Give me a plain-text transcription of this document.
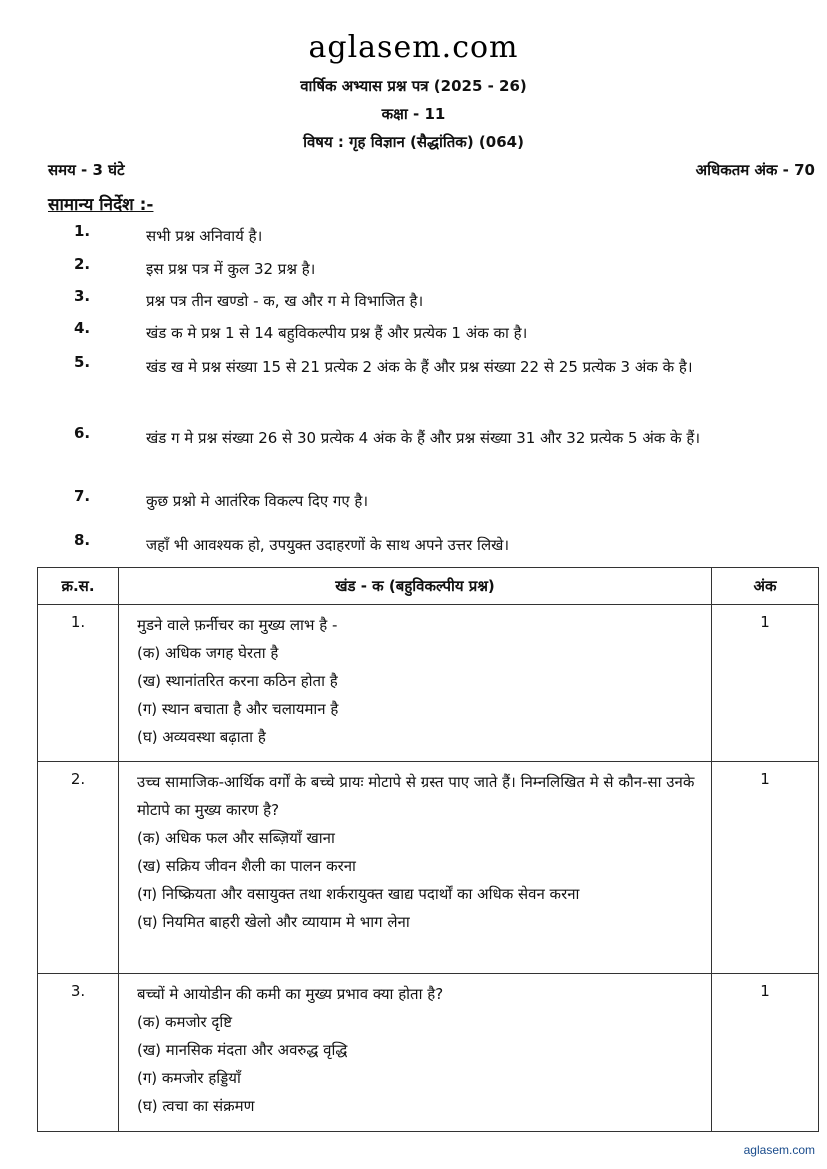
aglasem.com
वार्षिक अभ्यास प्रश्न पत्र (2025 - 26)
कक्षा - 11
विषय : गृह विज्ञान (सैद्धांतिक) (064)
समय - 3 घंटे	अधिकतम अंक - 70
सामान्य निर्देश :-
1.	सभी प्रश्न अनिवार्य है।
2.	इस प्रश्न पत्र में कुल 32 प्रश्न है।
3.	प्रश्न पत्र तीन खण्डो - क, ख और ग मे विभाजित है।
4.	खंड क मे प्रश्न 1 से 14 बहुविकल्पीय प्रश्न हैं और प्रत्येक 1 अंक का है।
5.	खंड ख मे प्रश्न संख्या 15 से 21 प्रत्येक 2 अंक के हैं और प्रश्न संख्या 22 से 25 प्रत्येक 3 अंक के है।
6.	खंड ग मे प्रश्न संख्या 26 से 30 प्रत्येक 4 अंक के हैं और प्रश्न संख्या 31 और 32 प्रत्येक 5 अंक के हैं।
7.	कुछ प्रश्नो मे आतंरिक विकल्प दिए गए है।
8.	जहाँ भी आवश्यक हो, उपयुक्त उदाहरणों के साथ अपने उत्तर लिखे।
क्र.स.	खंड - क (बहुविकल्पीय प्रश्न)	अंक
1.	मुडने वाले फ़र्नीचर का मुख्य लाभ है -
(क) अधिक जगह घेरता है
(ख) स्थानांतरित करना कठिन होता है
(ग) स्थान बचाता है और चलायमान है
(घ) अव्यवस्था बढ़ाता है	1
2.	उच्च सामाजिक-आर्थिक वर्गों के बच्चे प्रायः मोटापे से ग्रस्त पाए जाते हैं। निम्नलिखित मे से कौन-सा उनके मोटापे का मुख्य कारण है?
(क) अधिक फल और सब्ज़ियाँ खाना
(ख) सक्रिय जीवन शैली का पालन करना
(ग) निष्क्रियता और वसायुक्त तथा शर्करायुक्त खाद्य पदार्थों का अधिक सेवन करना
(घ) नियमित बाहरी खेलो और व्यायाम मे भाग लेना	1
3.	बच्चों मे आयोडीन की कमी का मुख्य प्रभाव क्या होता है?
(क) कमजोर दृष्टि
(ख) मानसिक मंदता और अवरुद्ध वृद्धि
(ग) कमजोर हड्डियाँ
(घ) त्वचा का संक्रमण	1
aglasem.com
